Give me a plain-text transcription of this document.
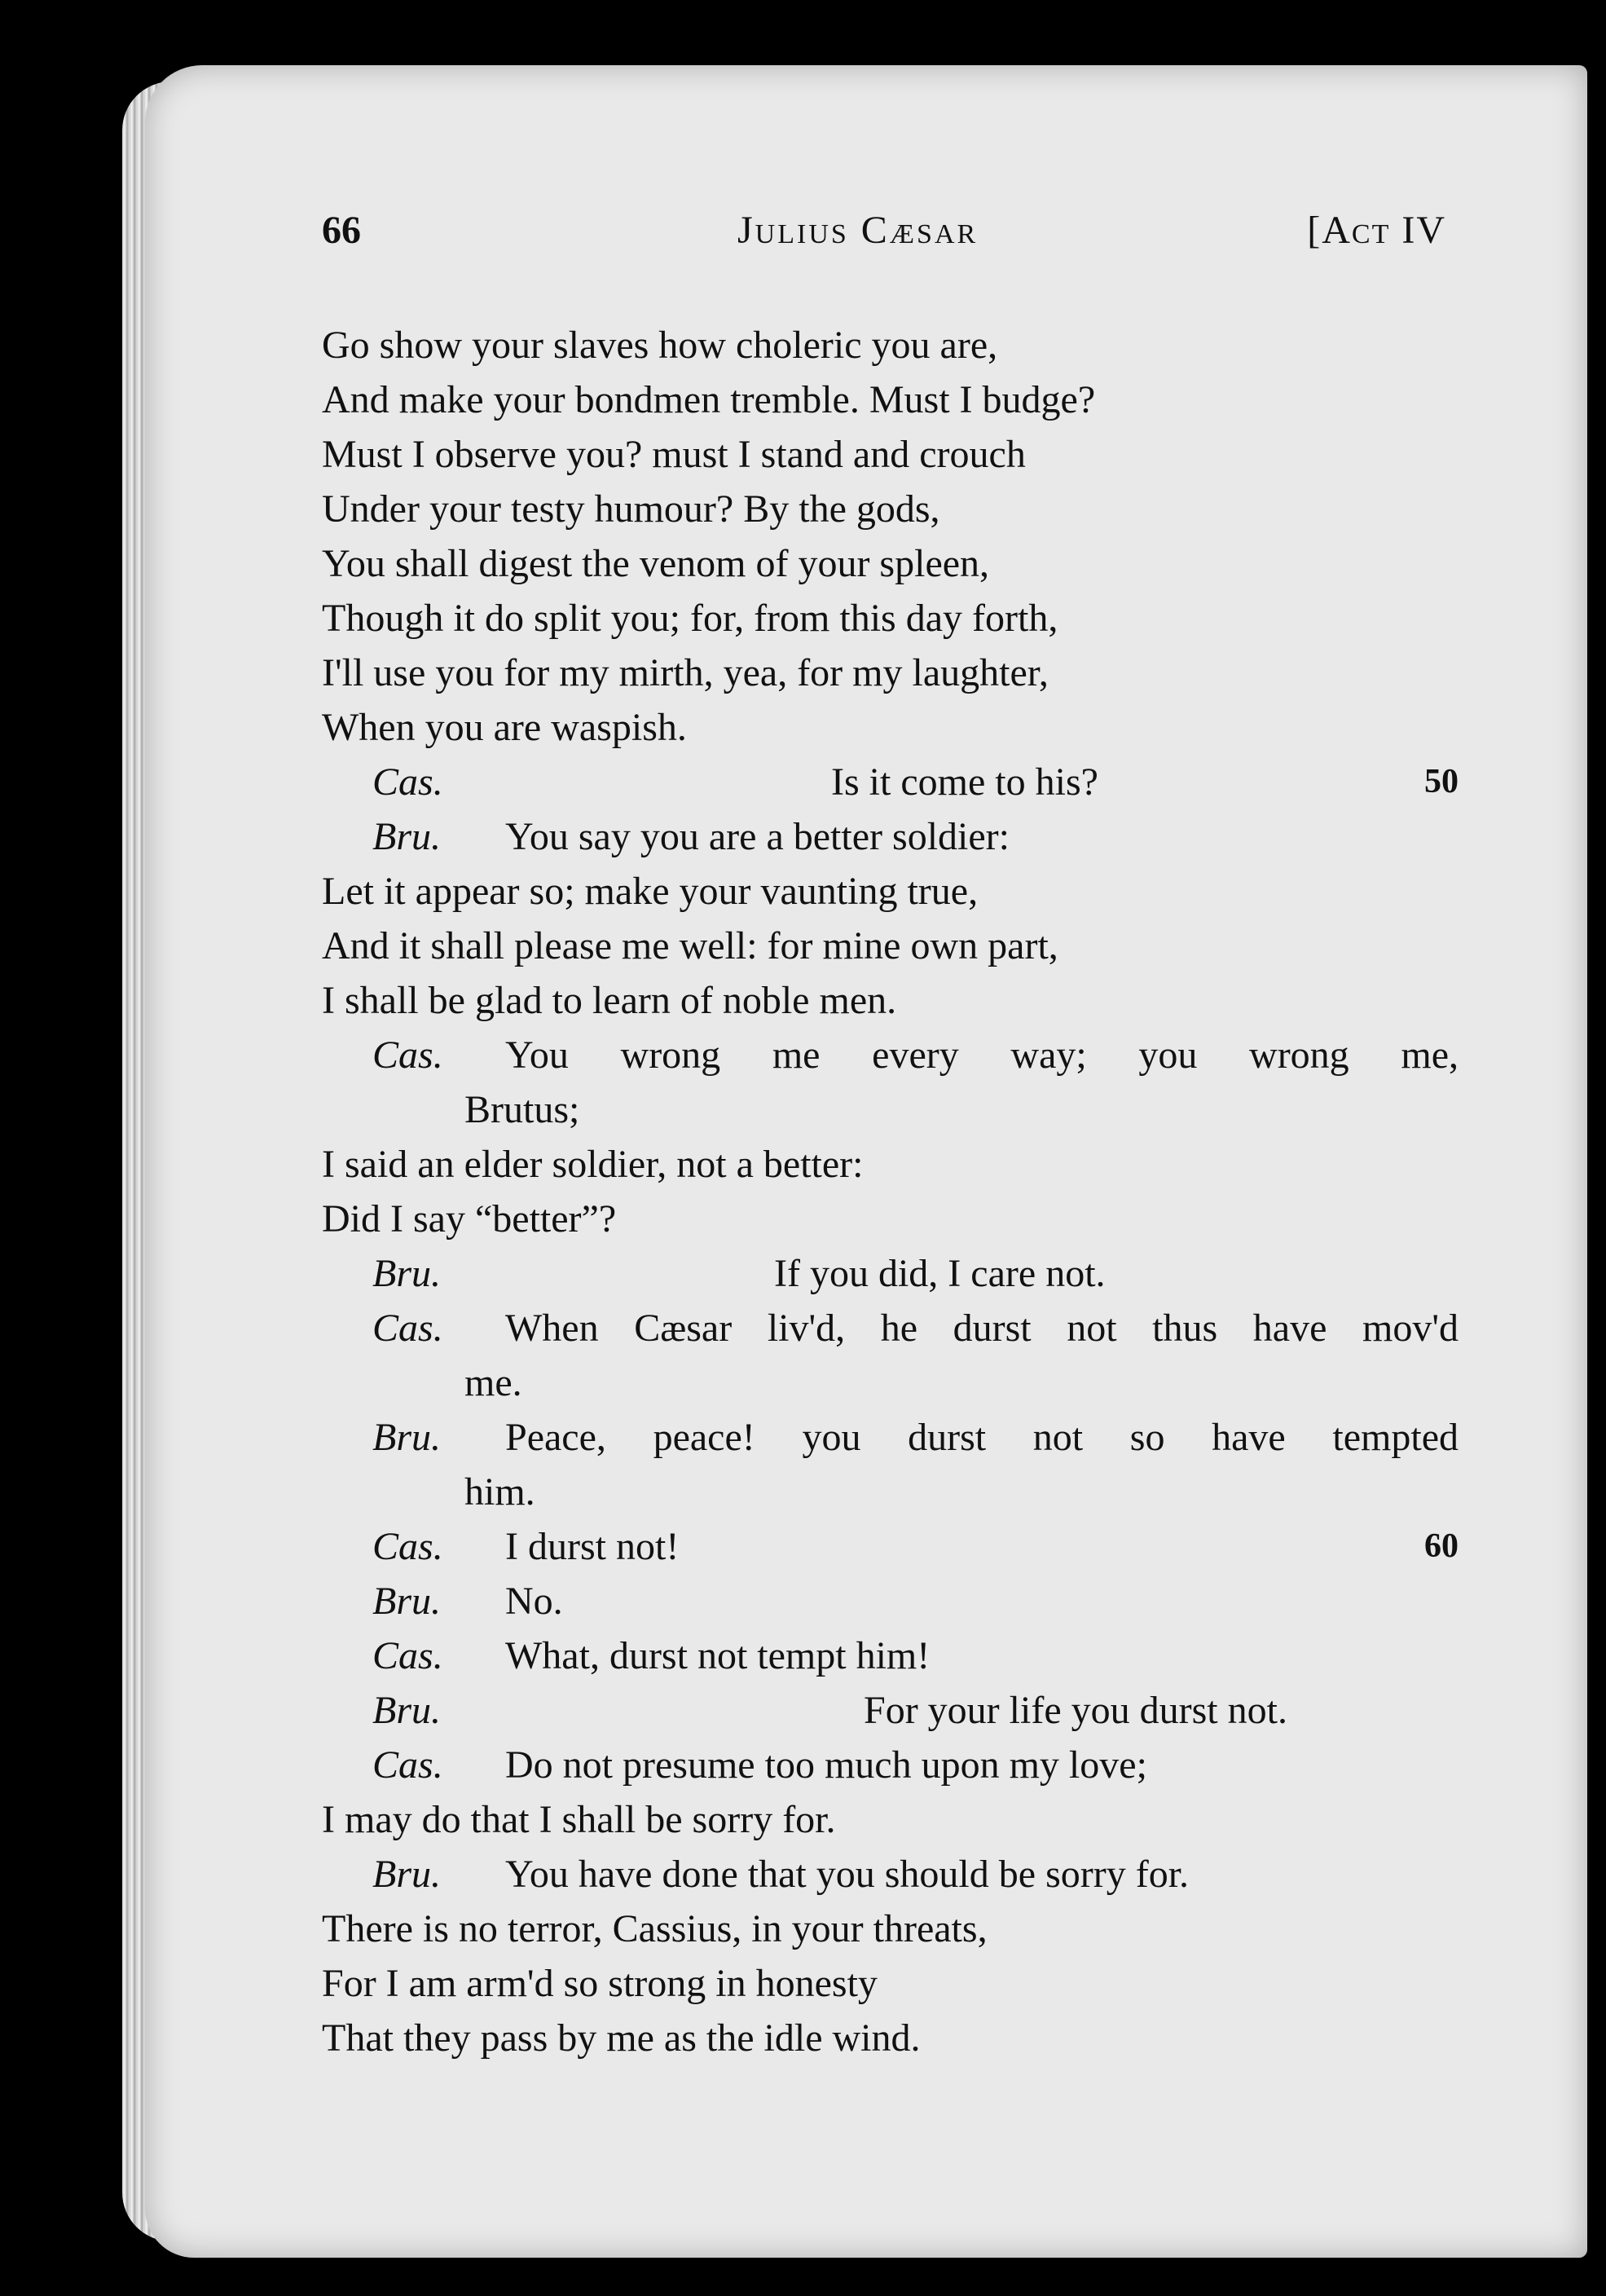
66	Julius Cæsar	[Act IV
Go show your slaves how choleric you are,
And make your bondmen tremble. Must I budge?
Must I observe you? must I stand and crouch
Under your testy humour? By the gods,
You shall digest the venom of your spleen,
Though it do split you; for, from this day forth,
I'll use you for my mirth, yea, for my laughter,
When you are waspish.
Cas.	Is it come to his?	50
Bru. You say you are a better soldier:
Let it appear so; make your vaunting true,
And it shall please me well: for mine own part,
I shall be glad to learn of noble men.
Cas. You wrong me every way; you wrong me,
Brutus;
I said an elder soldier, not a better:
Did I say “better”?
Bru.	If you did, I care not.
Cas. When Cæsar liv'd, he durst not thus have mov'd
me.
Bru. Peace, peace! you durst not so have tempted
him.
Cas. I durst not!	60
Bru. No.
Cas. What, durst not tempt him!
Bru.	For your life you durst not.
Cas. Do not presume too much upon my love;
I may do that I shall be sorry for.
Bru. You have done that you should be sorry for.
There is no terror, Cassius, in your threats,
For I am arm'd so strong in honesty
That they pass by me as the idle wind.
